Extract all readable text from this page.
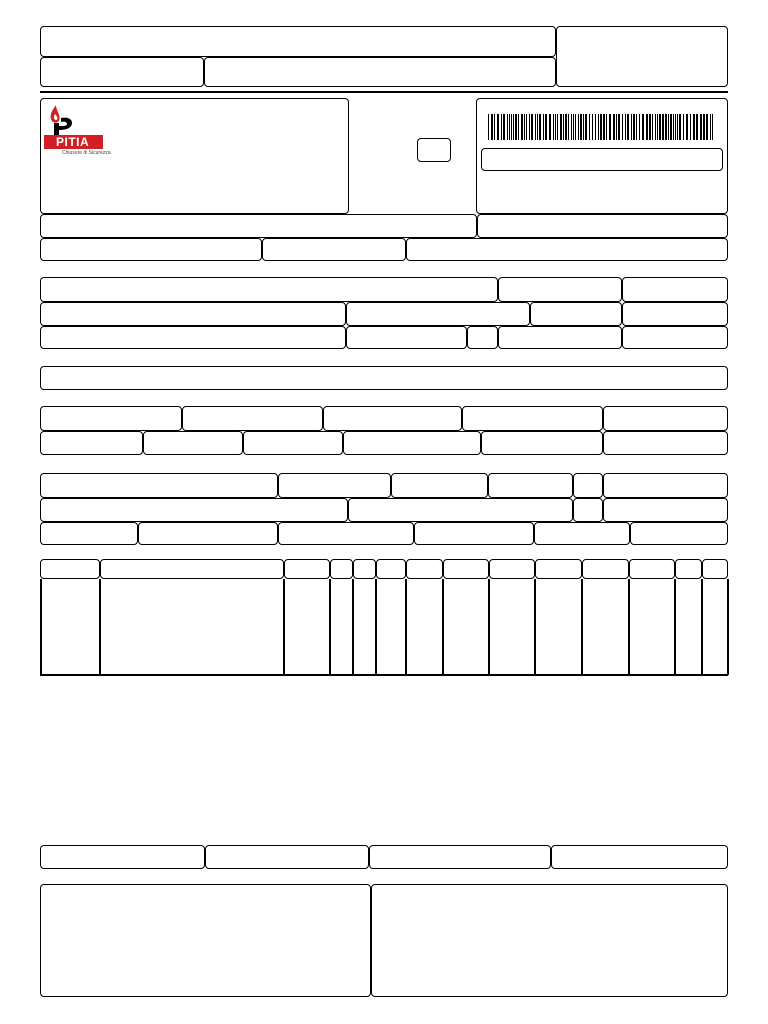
PITIA
Chiusure di Sicurezza
